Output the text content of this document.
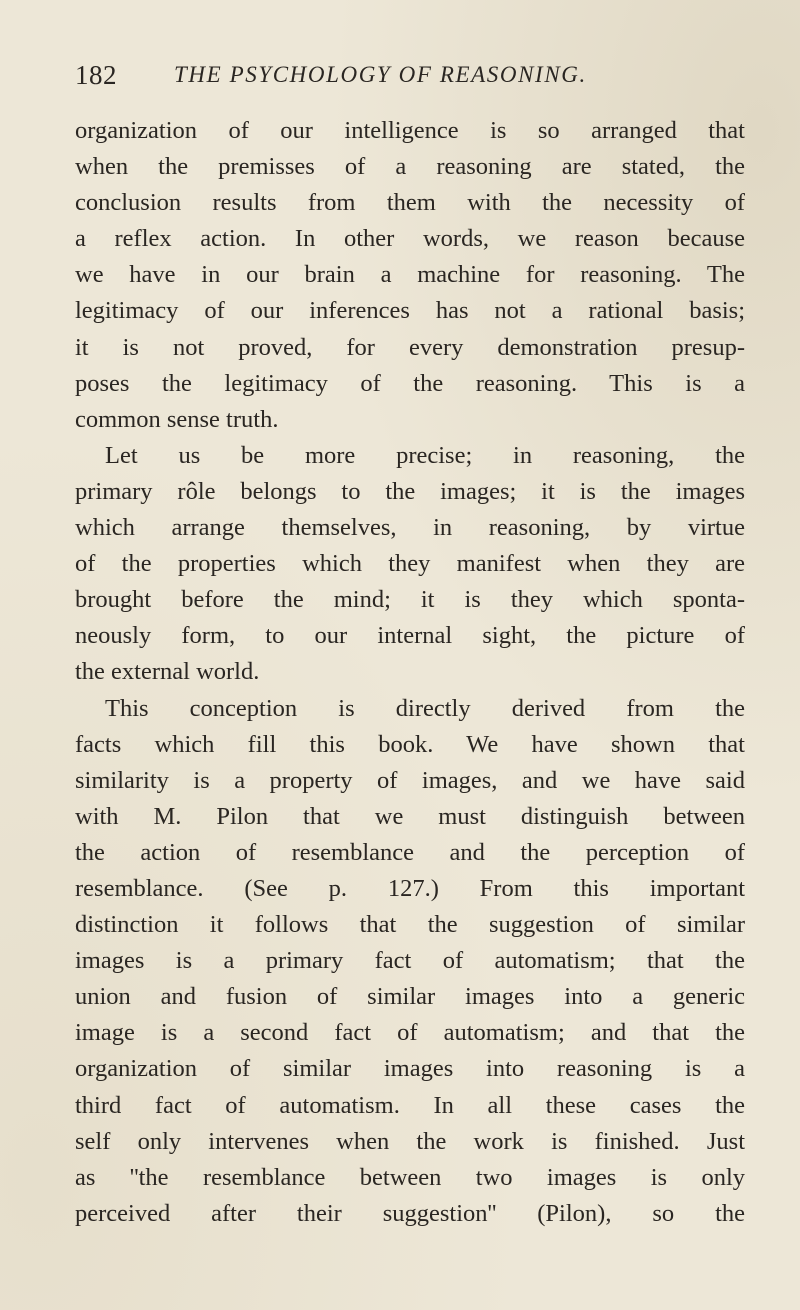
182 THE PSYCHOLOGY OF REASONING.
organization of our intelligence is so arranged that
when the premisses of a reasoning are stated, the
conclusion results from them with the necessity of
a reflex action. In other words, we reason because
we have in our brain a machine for reasoning. The
legitimacy of our inferences has not a rational basis;
it is not proved, for every demonstration presup-
poses the legitimacy of the reasoning. This is a
common sense truth.
Let us be more precise; in reasoning, the
primary rôle belongs to the images; it is the images
which arrange themselves, in reasoning, by virtue
of the properties which they manifest when they are
brought before the mind; it is they which sponta-
neously form, to our internal sight, the picture of
the external world.
This conception is directly derived from the
facts which fill this book. We have shown that
similarity is a property of images, and we have said
with M. Pilon that we must distinguish between
the action of resemblance and the perception of
resemblance. (See p. 127.) From this important
distinction it follows that the suggestion of similar
images is a primary fact of automatism; that the
union and fusion of similar images into a generic
image is a second fact of automatism; and that the
organization of similar images into reasoning is a
third fact of automatism. In all these cases the
self only intervenes when the work is finished. Just
as ''the resemblance between two images is only
perceived after their suggestion'' (Pilon), so the
